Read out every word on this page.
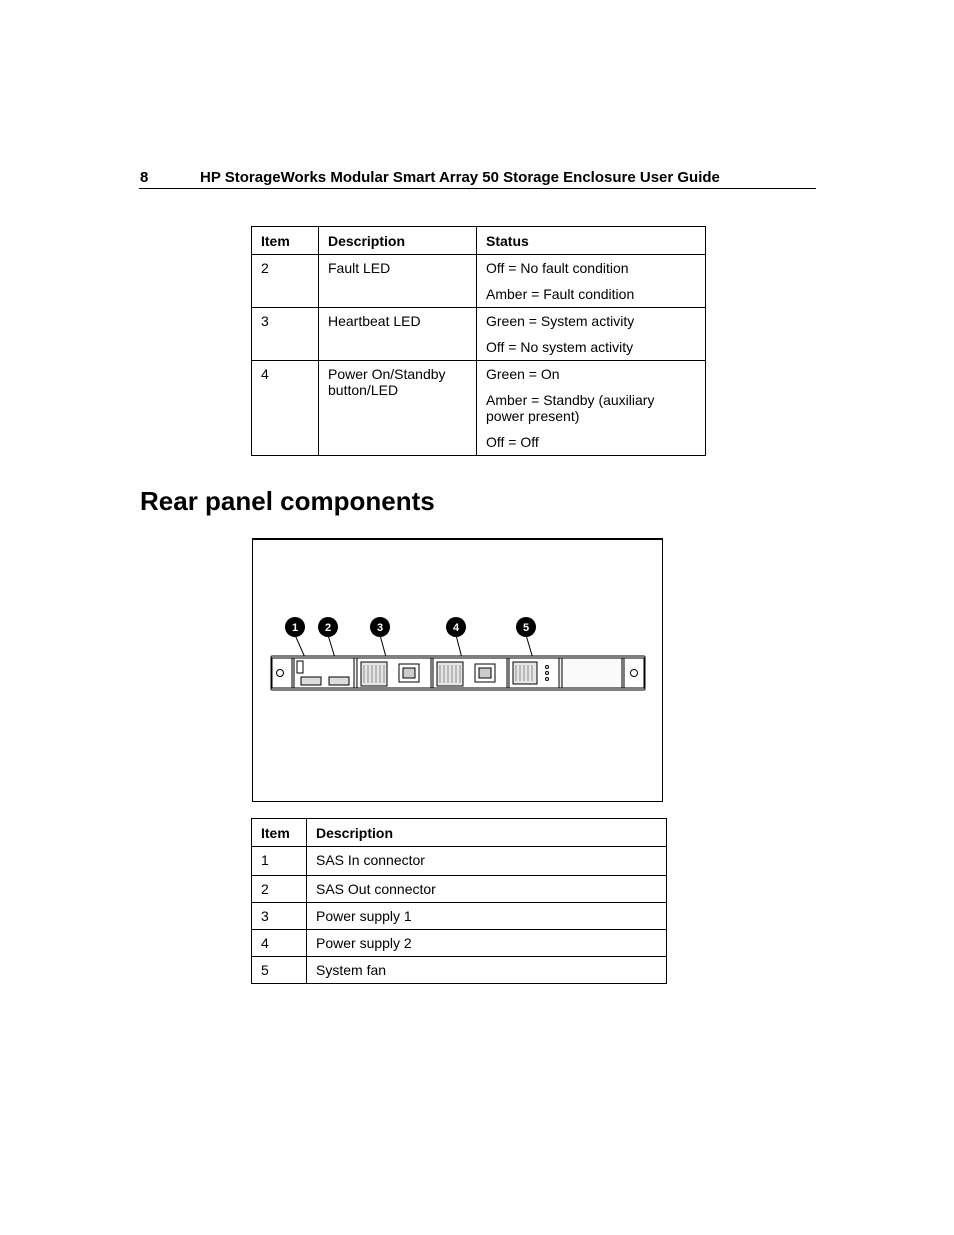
8	HP StorageWorks Modular Smart Array 50 Storage Enclosure User Guide
Item	Description	Status
2	Fault LED	Off = No fault condition
Amber = Fault condition

3	Heartbeat LED	Green = System activity
Off = No system activity

4	Power On/Standby button/LED	Green = On
Amber = Standby (auxiliary power present)
Off = Off
Rear panel components
1 2	3	4	5
Item	Description
1	SAS In connector
2	SAS Out connector
3	Power supply 1
4	Power supply 2
5	System fan
